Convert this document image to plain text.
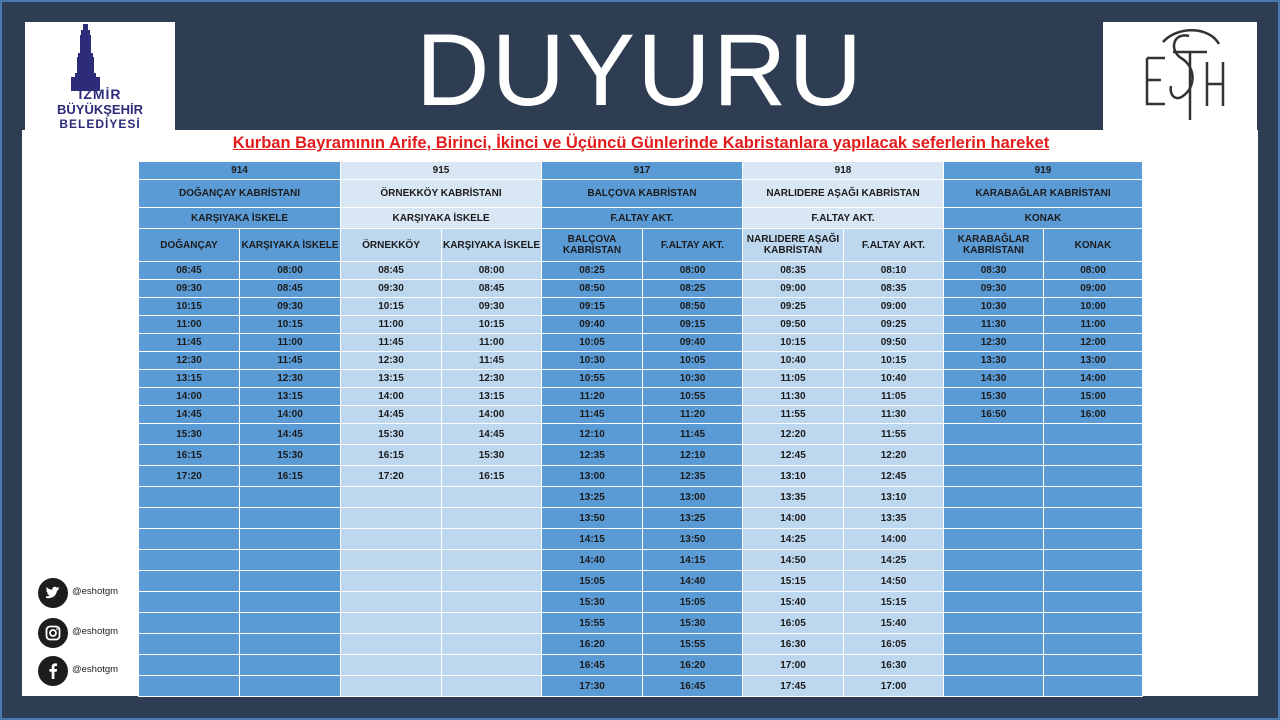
İZMİR
BÜYÜKŞEHİR
BELEDİYESİ	DUYURU
Kurban Bayramının Arife, Birinci, İkinci ve Üçüncü Günlerinde Kabristanlara yapılacak seferlerin hareket
914		915		917		918		919	
DOĞANÇAY KABRİSTANI		ÖRNEKKÖY KABRİSTANI		BALÇOVA KABRİSTAN		NARLIDERE AŞAĞI KABRİSTAN		KARABAĞLAR KABRİSTANI	
KARŞIYAKA İSKELE		KARŞIYAKA İSKELE		F.ALTAY AKT.		F.ALTAY AKT.		KONAK	
DOĞANÇAY	KARŞIYAKA İSKELE	ÖRNEKKÖY	KARŞIYAKA İSKELE	BALÇOVA KABRİSTAN	F.ALTAY AKT.	NARLIDERE AŞAĞI KABRİSTAN	F.ALTAY AKT.	KARABAĞLAR KABRİSTANI	KONAK
08:45	08:00	08:45	08:00	08:25	08:00	08:35	08:10	08:30	08:00
09:30	08:45	09:30	08:45	08:50	08:25	09:00	08:35	09:30	09:00
10:15	09:30	10:15	09:30	09:15	08:50	09:25	09:00	10:30	10:00
11:00	10:15	11:00	10:15	09:40	09:15	09:50	09:25	11:30	11:00
11:45	11:00	11:45	11:00	10:05	09:40	10:15	09:50	12:30	12:00
12:30	11:45	12:30	11:45	10:30	10:05	10:40	10:15	13:30	13:00
13:15	12:30	13:15	12:30	10:55	10:30	11:05	10:40	14:30	14:00
14:00	13:15	14:00	13:15	11:20	10:55	11:30	11:05	15:30	15:00
14:45	14:00	14:45	14:00	11:45	11:20	11:55	11:30	16:50	16:00
15:30	14:45	15:30	14:45	12:10	11:45	12:20	11:55		
16:15	15:30	16:15	15:30	12:35	12:10	12:45	12:20		
17:20	16:15	17:20	16:15	13:00	12:35	13:10	12:45		
				13:25	13:00	13:35	13:10		
				13:50	13:25	14:00	13:35		
				14:15	13:50	14:25	14:00		
				14:40	14:15	14:50	14:25		
				15:05	14:40	15:15	14:50		
				15:30	15:05	15:40	15:15		
				15:55	15:30	16:05	15:40		
				16:20	15:55	16:30	16:05		
				16:45	16:20	17:00	16:30		
				17:30	16:45	17:45	17:00		
@eshotgm
@eshotgm
@eshotgm
